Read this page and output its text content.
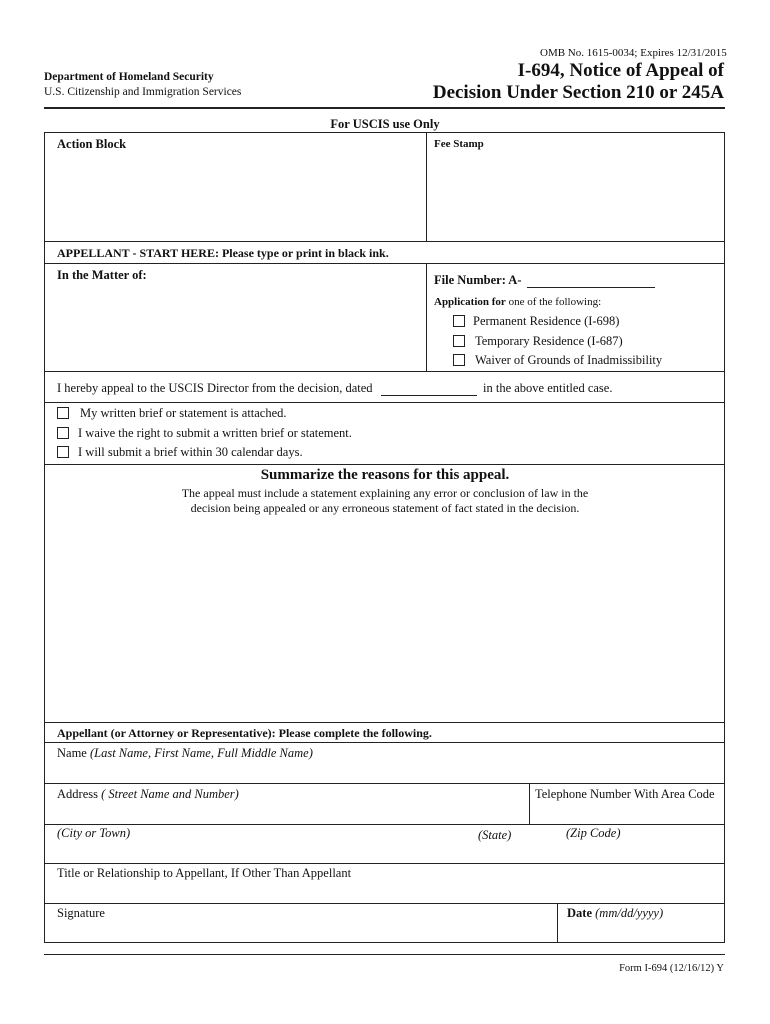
OMB No. 1615-0034; Expires 12/31/2015
Department of Homeland Security
U.S. Citizenship and Immigration Services
I-694, Notice of Appeal of
Decision Under Section 210 or 245A
For USCIS use Only
Action Block	Fee Stamp
APPELLANT - START HERE: Please type or print in black ink.
In the Matter of:	File Number: A-
Application for one of the following:
Permanent Residence (I-698)
Temporary Residence (I-687)
Waiver of Grounds of Inadmissibility
I hereby appeal to the USCIS Director from the decision, dated	in the above entitled case.
My written brief or statement is attached.
I waive the right to submit a written brief or statement.
I will submit a brief within 30 calendar days.
Summarize the reasons for this appeal.
The appeal must include a statement explaining any error or conclusion of law in the
decision being appealed or any erroneous statement of fact stated in the decision.
Appellant (or Attorney or Representative): Please complete the following.
Name (Last Name, First Name, Full Middle Name)
Address ( Street Name and Number)	Telephone Number With Area Code
(City or Town)	(State)	(Zip Code)
Title or Relationship to Appellant, If Other Than Appellant
Signature	Date (mm/dd/yyyy)
Form I-694 (12/16/12) Y
